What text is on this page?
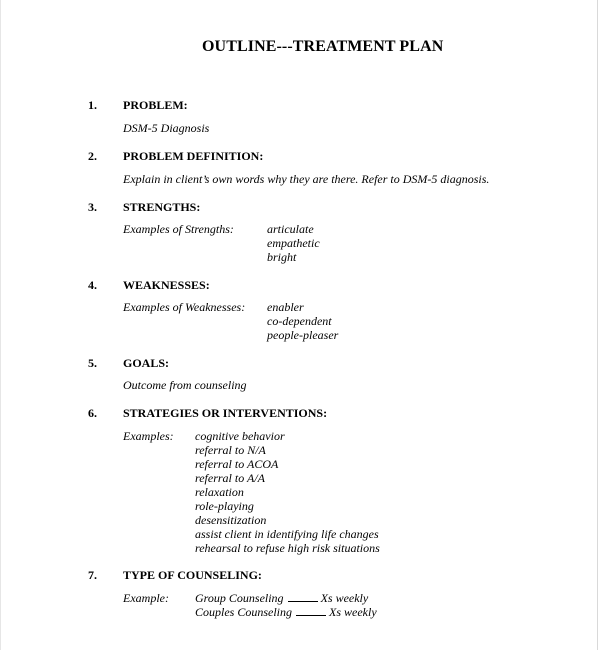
OUTLINE---TREATMENT PLAN
1. PROBLEM:
DSM-5 Diagnosis
2. PROBLEM DEFINITION:
Explain in client’s own words why they are there. Refer to DSM-5 diagnosis.
3. STRENGTHS:
Examples of Strengths:	articulate
empathetic
bright
4. WEAKNESSES:
Examples of Weaknesses: enabler
co-dependent
people-pleaser
5. GOALS:
Outcome from counseling
6. STRATEGIES OR INTERVENTIONS:
Examples: cognitive behavior
referral to N/A
referral to ACOA
referral to A/A
relaxation
role-playing
desensitization
assist client in identifying life changes
rehearsal to refuse high risk situations
7. TYPE OF COUNSELING:
Example: Group Counseling	Xs weekly
Couples Counseling	Xs weekly
